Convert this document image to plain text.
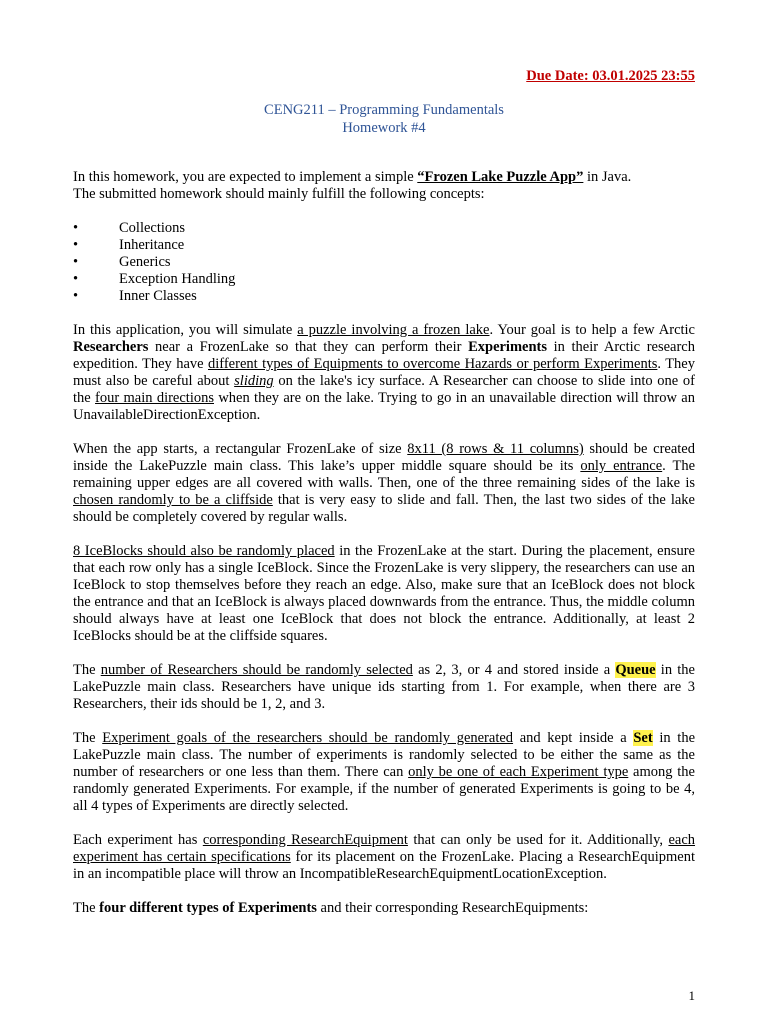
Due Date: 03.01.2025 23:55
CENG211 – Programming Fundamentals
Homework #4

In this homework, you are expected to implement a simple “Frozen Lake Puzzle App” in Java.
The submitted homework should mainly fulfill the following concepts:

•	Collections
•	Inheritance
•	Generics
•	Exception Handling
•	Inner Classes

In this application, you will simulate a puzzle involving a frozen lake. Your goal is to help a few Arctic Researchers near a FrozenLake so that they can perform their Experiments in their Arctic research expedition. They have different types of Equipments to overcome Hazards or perform Experiments. They must also be careful about sliding on the lake's icy surface. A Researcher can choose to slide into one of the four main directions when they are on the lake. Trying to go in an unavailable direction will throw an UnavailableDirectionException.

When the app starts, a rectangular FrozenLake of size 8x11 (8 rows & 11 columns) should be created inside the LakePuzzle main class. This lake’s upper middle square should be its only entrance. The remaining upper edges are all covered with walls. Then, one of the three remaining sides of the lake is chosen randomly to be a cliffside that is very easy to slide and fall. Then, the last two sides of the lake should be completely covered by regular walls.

8 IceBlocks should also be randomly placed in the FrozenLake at the start. During the placement, ensure that each row only has a single IceBlock. Since the FrozenLake is very slippery, the researchers can use an IceBlock to stop themselves before they reach an edge. Also, make sure that an IceBlock does not block the entrance and that an IceBlock is always placed downwards from the entrance. Thus, the middle column should always have at least one IceBlock that does not block the entrance. Additionally, at least 2 IceBlocks should be at the cliffside squares.

The number of Researchers should be randomly selected as 2, 3, or 4 and stored inside a Queue in the LakePuzzle main class. Researchers have unique ids starting from 1. For example, when there are 3 Researchers, their ids should be 1, 2, and 3.

The Experiment goals of the researchers should be randomly generated and kept inside a Set in the LakePuzzle main class. The number of experiments is randomly selected to be either the same as the number of researchers or one less than them. There can only be one of each Experiment type among the randomly generated Experiments. For example, if the number of generated Experiments is going to be 4, all 4 types of Experiments are directly selected.

Each experiment has corresponding ResearchEquipment that can only be used for it. Additionally, each experiment has certain specifications for its placement on the FrozenLake. Placing a ResearchEquipment in an incompatible place will throw an IncompatibleResearchEquipmentLocationException.

The four different types of Experiments and their corresponding ResearchEquipments:

1
